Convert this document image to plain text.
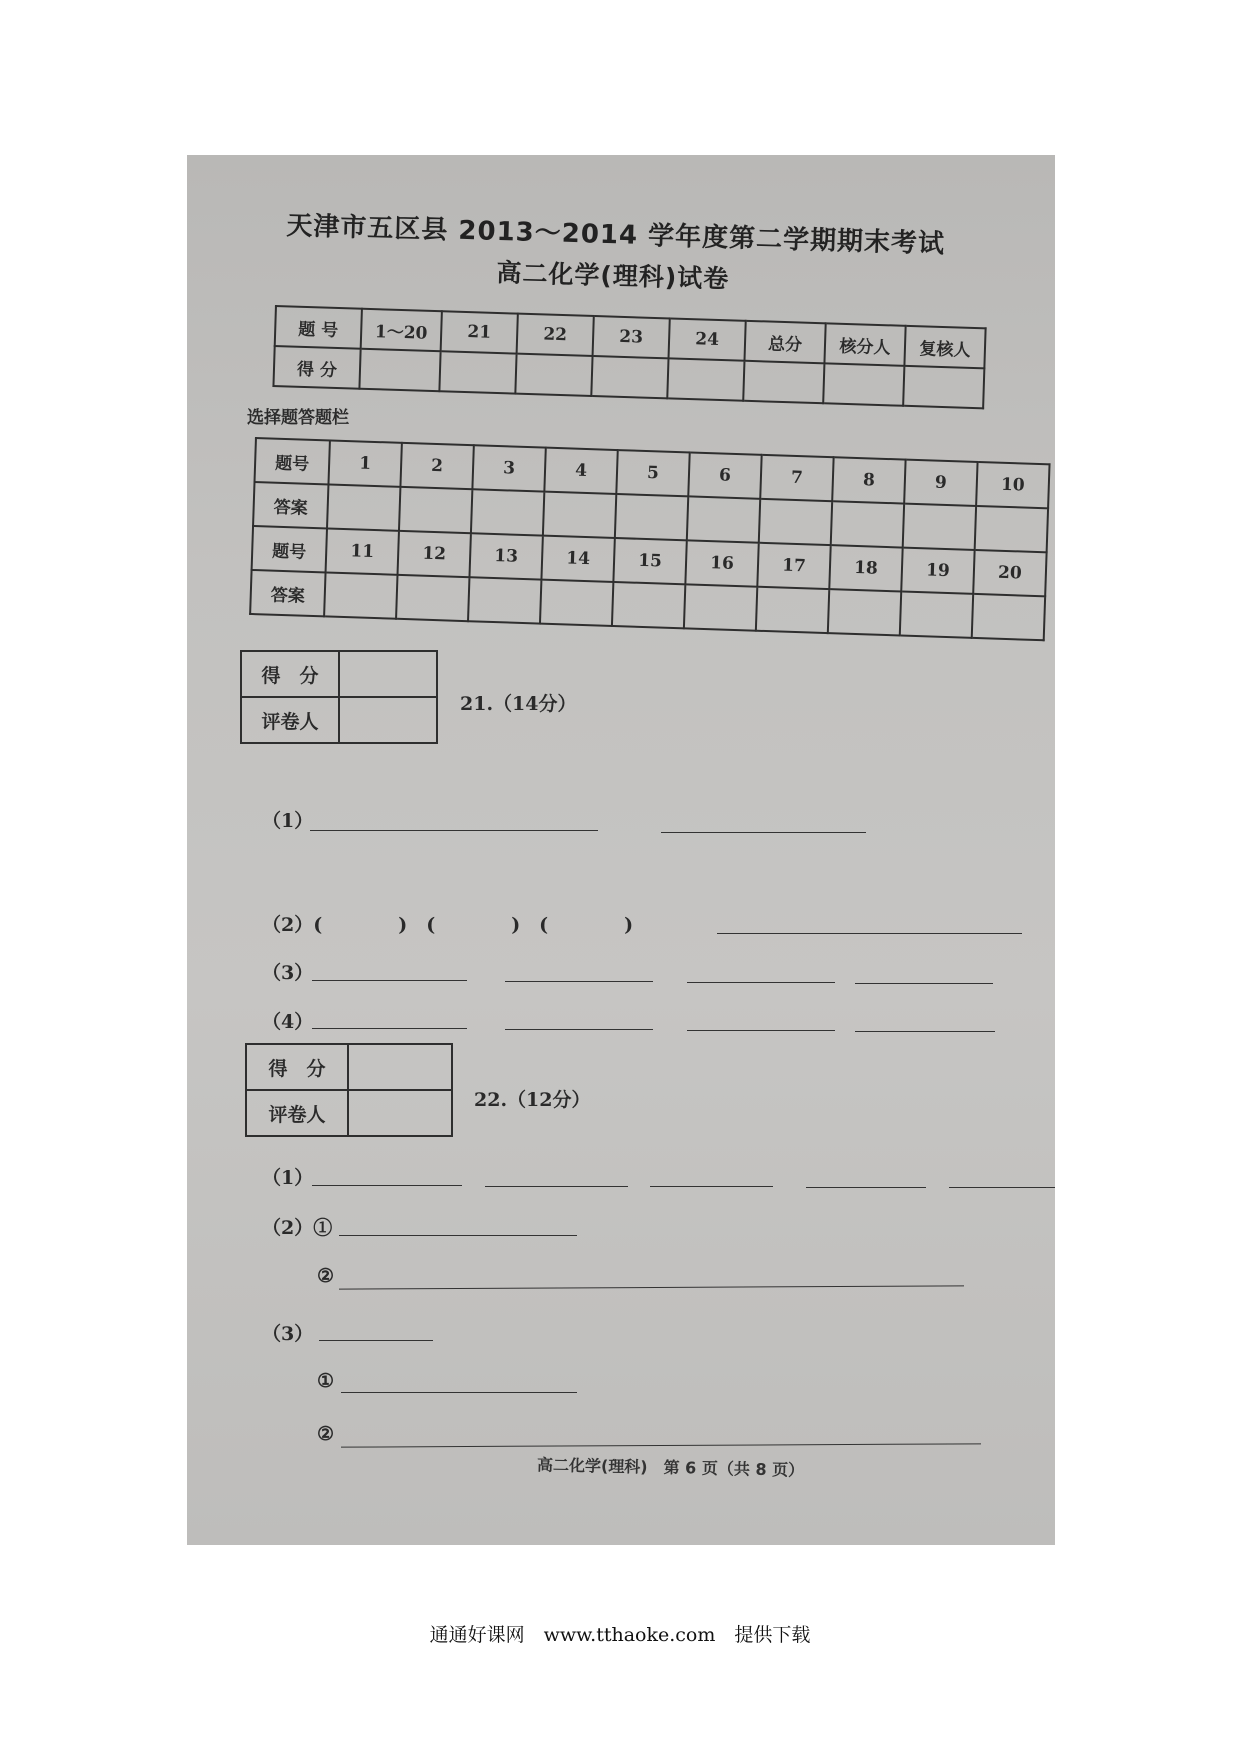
天津市五区县 2013～2014 学年度第二学期期末考试
高二化学(理科)试卷
题 号	1～20	21	22	23	24	总分	核分人	复核人
得 分								
选择题答题栏
题号	1	2	3	4	5	6	7	8	9	10
答案										
题号	11	12	13	14	15	16	17	18	19	20
答案										
得　分	
评卷人	
21.（14分）
（1）
（2）(　　　　)　(　　　　)　(　　　　)
（3）
（4）
得　分	
评卷人	
22.（12分）
（1）
（2）①
②
（3）
①
②
高二化学(理科)　第 6 页（共 8 页）
通通好课网　www.tthaoke.com　提供下载
